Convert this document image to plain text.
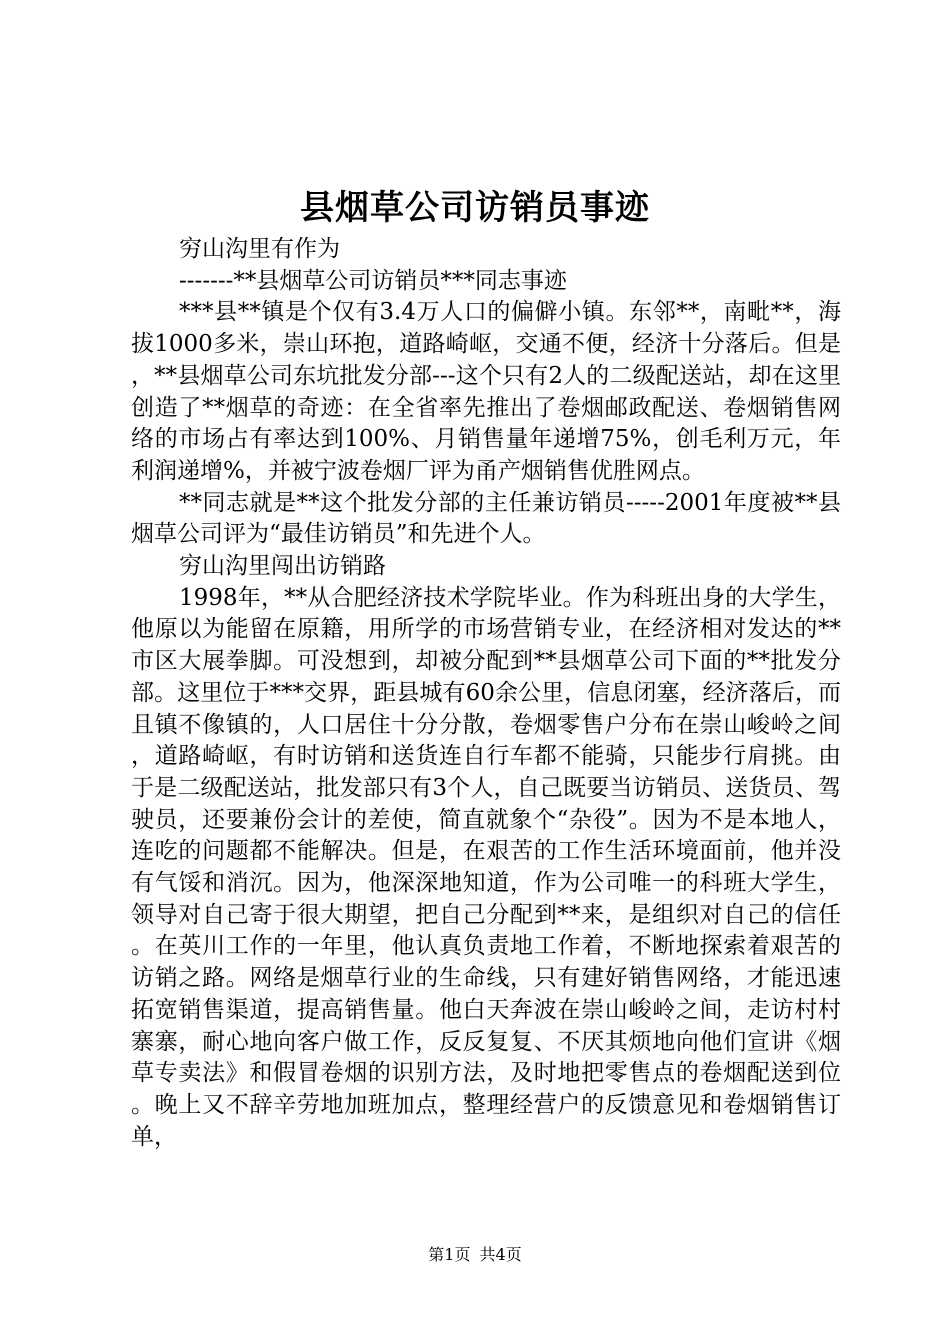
县烟草公司访销员事迹

穷山沟里有作为

-------**县烟草公司访销员***同志事迹

***县**镇是个仅有3.4万人口的偏僻小镇。东邻**，南毗**，海拔1000多米，崇山环抱，道路崎岖，交通不便，经济十分落后。但是，**县烟草公司东坑批发分部---这个只有2人的二级配送站，却在这里创造了**烟草的奇迹：在全省率先推出了卷烟邮政配送、卷烟销售网络的市场占有率达到100%、月销售量年递增75%，创毛利万元，年利润递增%，并被宁波卷烟厂评为甬产烟销售优胜网点。

**同志就是**这个批发分部的主任兼访销员-----2001年度被**县烟草公司评为“最佳访销员”和先进个人。

穷山沟里闯出访销路

1998年，**从合肥经济技术学院毕业。作为科班出身的大学生，他原以为能留在原籍，用所学的市场营销专业，在经济相对发达的**市区大展拳脚。可没想到，却被分配到**县烟草公司下面的**批发分部。这里位于***交界，距县城有60余公里，信息闭塞，经济落后，而且镇不像镇的，人口居住十分分散，卷烟零售户分布在崇山峻岭之间，道路崎岖，有时访销和送货连自行车都不能骑，只能步行肩挑。由于是二级配送站，批发部只有3个人，自己既要当访销员、送货员、驾驶员，还要兼份会计的差使，简直就象个“杂役”。因为不是本地人，连吃的问题都不能解决。但是，在艰苦的工作生活环境面前，他并没有气馁和消沉。因为，他深深地知道，作为公司唯一的科班大学生，领导对自己寄于很大期望，把自己分配到**来，是组织对自己的信任。在英川工作的一年里，他认真负责地工作着，不断地探索着艰苦的访销之路。网络是烟草行业的生命线，只有建好销售网络，才能迅速拓宽销售渠道，提高销售量。他白天奔波在崇山峻岭之间，走访村村寨寨，耐心地向客户做工作，反反复复、不厌其烦地向他们宣讲《烟草专卖法》和假冒卷烟的识别方法，及时地把零售点的卷烟配送到位。晚上又不辞辛劳地加班加点，整理经营户的反馈意见和卷烟销售订单，

第1页 共4页
